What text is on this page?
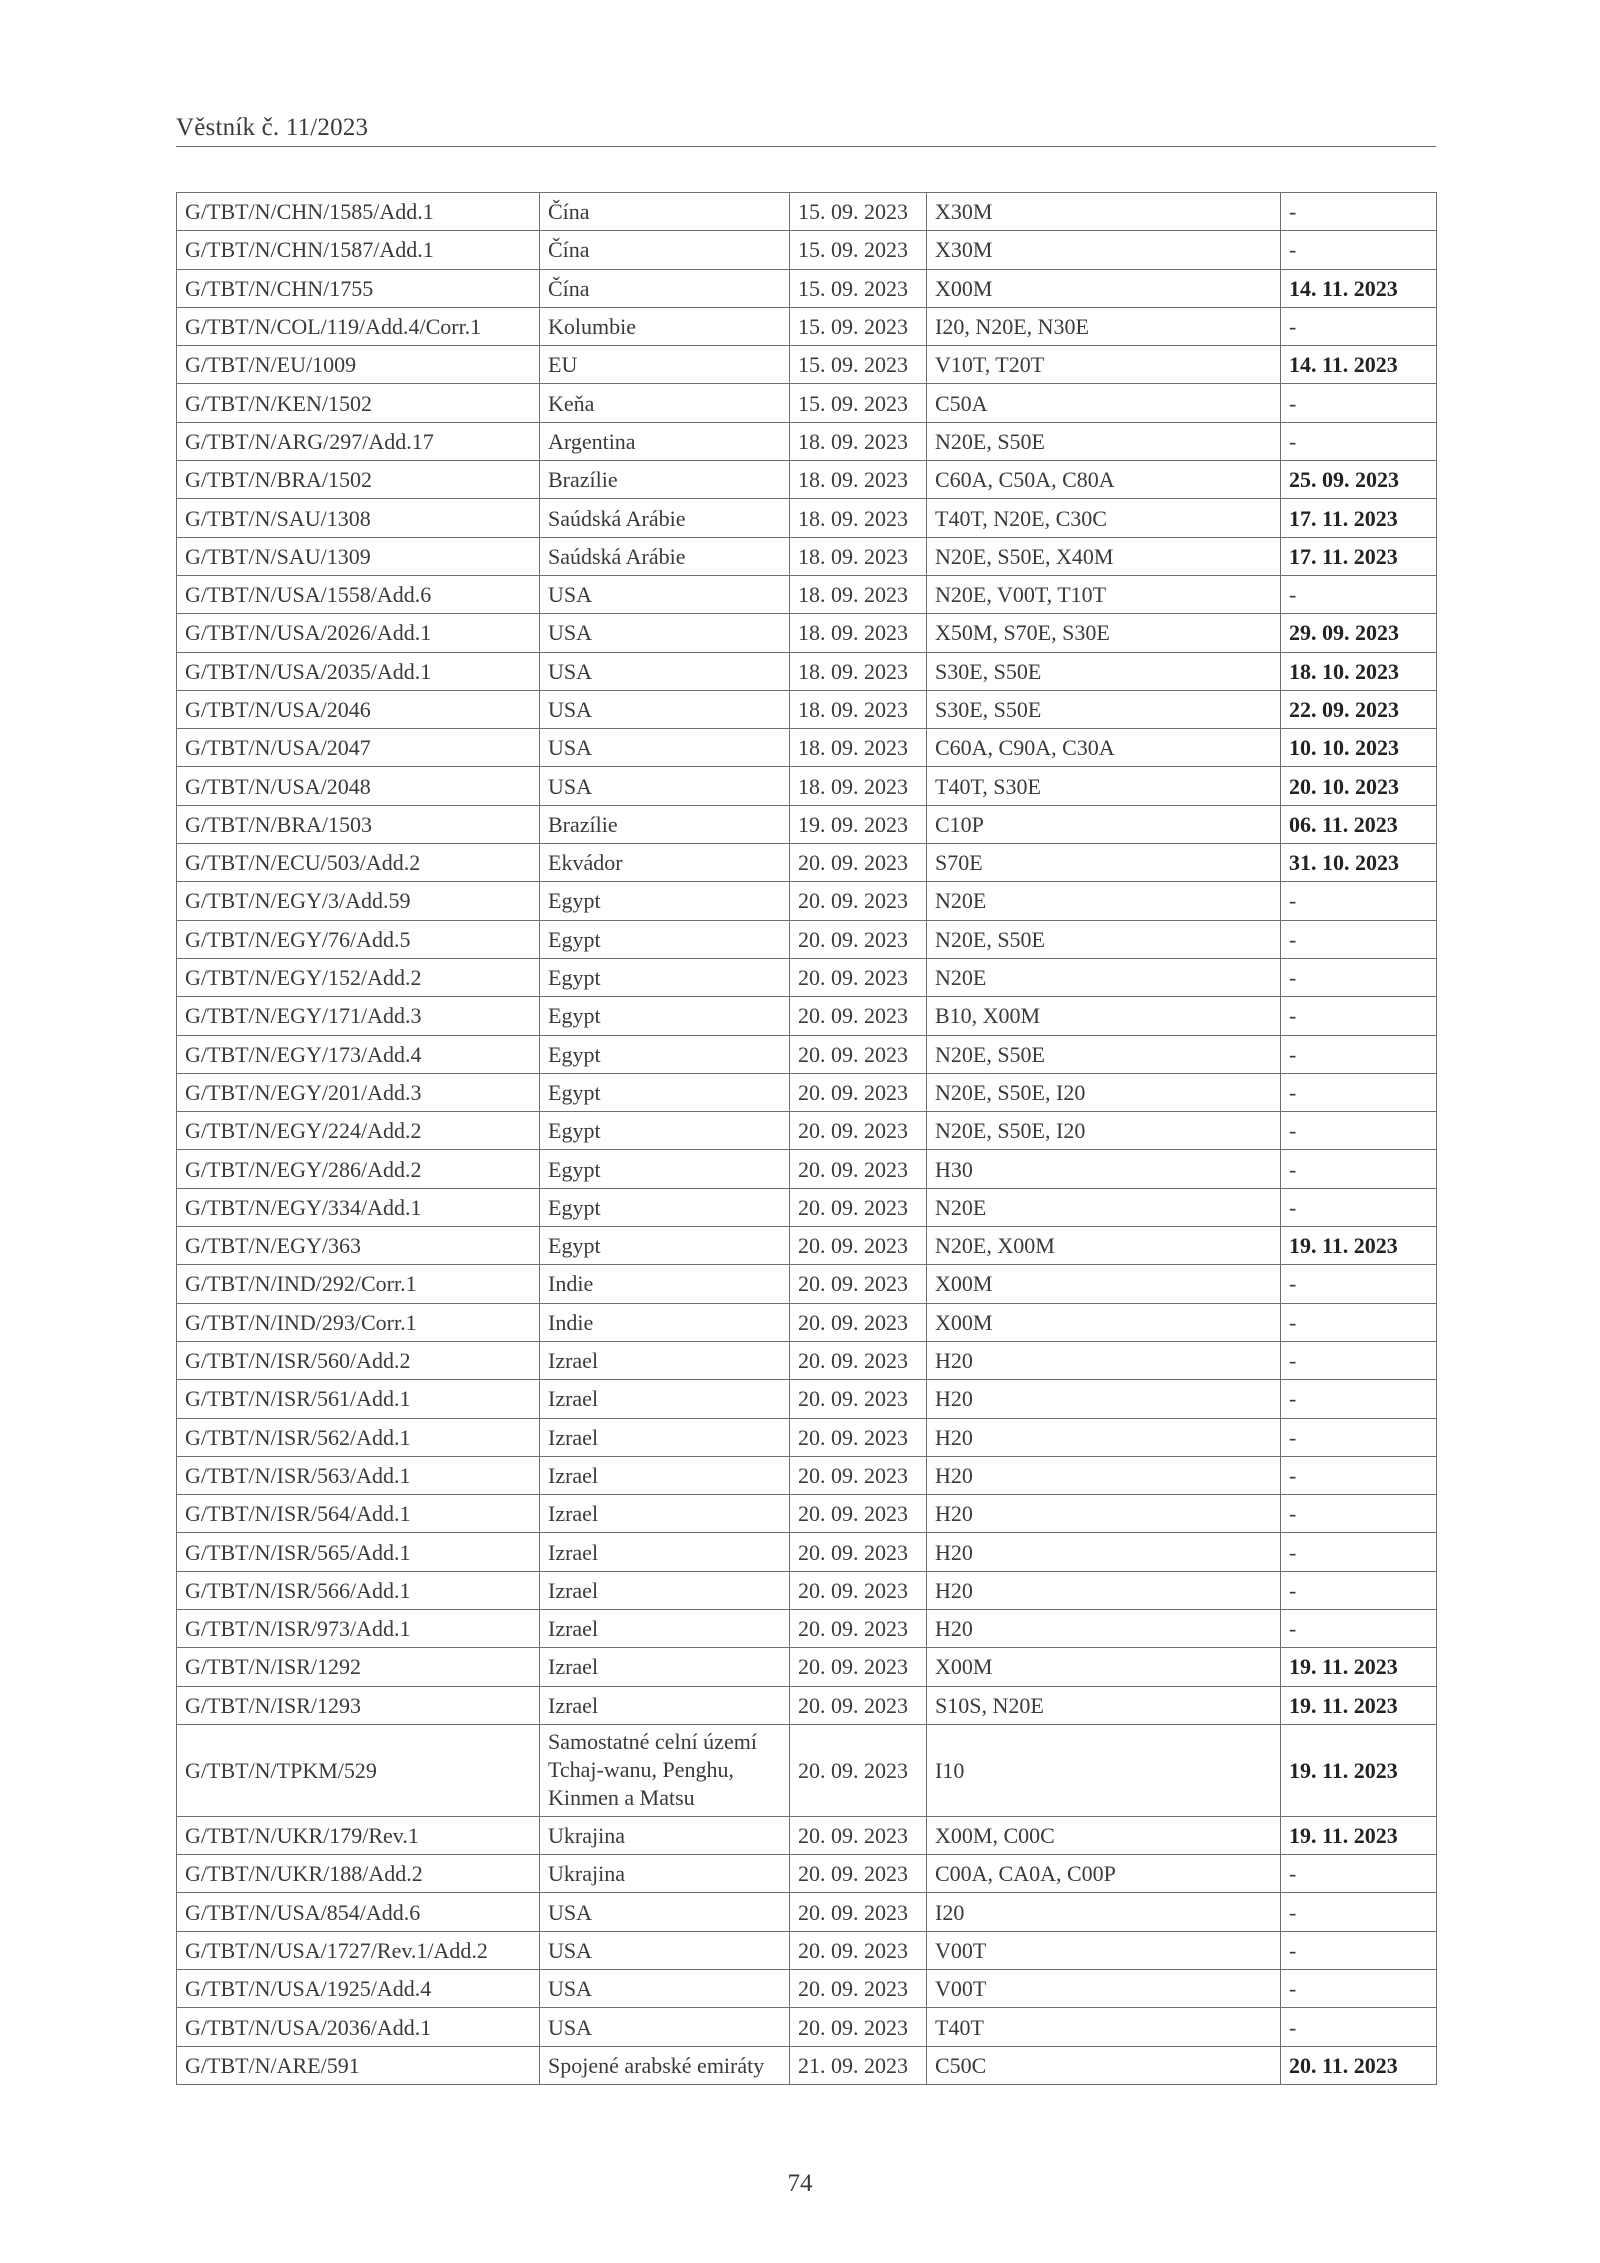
Věstník č. 11/2023
G/TBT/N/CHN/1585/Add.1	Čína	15. 09. 2023	X30M	-
G/TBT/N/CHN/1587/Add.1	Čína	15. 09. 2023	X30M	-
G/TBT/N/CHN/1755	Čína	15. 09. 2023	X00M	14. 11. 2023
G/TBT/N/COL/119/Add.4/Corr.1	Kolumbie	15. 09. 2023	I20, N20E, N30E	-
G/TBT/N/EU/1009	EU	15. 09. 2023	V10T, T20T	14. 11. 2023
G/TBT/N/KEN/1502	Keňa	15. 09. 2023	C50A	-
G/TBT/N/ARG/297/Add.17	Argentina	18. 09. 2023	N20E, S50E	-
G/TBT/N/BRA/1502	Brazílie	18. 09. 2023	C60A, C50A, C80A	25. 09. 2023
G/TBT/N/SAU/1308	Saúdská Arábie	18. 09. 2023	T40T, N20E, C30C	17. 11. 2023
G/TBT/N/SAU/1309	Saúdská Arábie	18. 09. 2023	N20E, S50E, X40M	17. 11. 2023
G/TBT/N/USA/1558/Add.6	USA	18. 09. 2023	N20E, V00T, T10T	-
G/TBT/N/USA/2026/Add.1	USA	18. 09. 2023	X50M, S70E, S30E	29. 09. 2023
G/TBT/N/USA/2035/Add.1	USA	18. 09. 2023	S30E, S50E	18. 10. 2023
G/TBT/N/USA/2046	USA	18. 09. 2023	S30E, S50E	22. 09. 2023
G/TBT/N/USA/2047	USA	18. 09. 2023	C60A, C90A, C30A	10. 10. 2023
G/TBT/N/USA/2048	USA	18. 09. 2023	T40T, S30E	20. 10. 2023
G/TBT/N/BRA/1503	Brazílie	19. 09. 2023	C10P	06. 11. 2023
G/TBT/N/ECU/503/Add.2	Ekvádor	20. 09. 2023	S70E	31. 10. 2023
G/TBT/N/EGY/3/Add.59	Egypt	20. 09. 2023	N20E	-
G/TBT/N/EGY/76/Add.5	Egypt	20. 09. 2023	N20E, S50E	-
G/TBT/N/EGY/152/Add.2	Egypt	20. 09. 2023	N20E	-
G/TBT/N/EGY/171/Add.3	Egypt	20. 09. 2023	B10, X00M	-
G/TBT/N/EGY/173/Add.4	Egypt	20. 09. 2023	N20E, S50E	-
G/TBT/N/EGY/201/Add.3	Egypt	20. 09. 2023	N20E, S50E, I20	-
G/TBT/N/EGY/224/Add.2	Egypt	20. 09. 2023	N20E, S50E, I20	-
G/TBT/N/EGY/286/Add.2	Egypt	20. 09. 2023	H30	-
G/TBT/N/EGY/334/Add.1	Egypt	20. 09. 2023	N20E	-
G/TBT/N/EGY/363	Egypt	20. 09. 2023	N20E, X00M	19. 11. 2023
G/TBT/N/IND/292/Corr.1	Indie	20. 09. 2023	X00M	-
G/TBT/N/IND/293/Corr.1	Indie	20. 09. 2023	X00M	-
G/TBT/N/ISR/560/Add.2	Izrael	20. 09. 2023	H20	-
G/TBT/N/ISR/561/Add.1	Izrael	20. 09. 2023	H20	-
G/TBT/N/ISR/562/Add.1	Izrael	20. 09. 2023	H20	-
G/TBT/N/ISR/563/Add.1	Izrael	20. 09. 2023	H20	-
G/TBT/N/ISR/564/Add.1	Izrael	20. 09. 2023	H20	-
G/TBT/N/ISR/565/Add.1	Izrael	20. 09. 2023	H20	-
G/TBT/N/ISR/566/Add.1	Izrael	20. 09. 2023	H20	-
G/TBT/N/ISR/973/Add.1	Izrael	20. 09. 2023	H20	-
G/TBT/N/ISR/1292	Izrael	20. 09. 2023	X00M	19. 11. 2023
G/TBT/N/ISR/1293	Izrael	20. 09. 2023	S10S, N20E	19. 11. 2023
G/TBT/N/TPKM/529	Samostatné celní území Tchaj-wanu, Penghu, Kinmen a Matsu	20. 09. 2023	I10	19. 11. 2023
G/TBT/N/UKR/179/Rev.1	Ukrajina	20. 09. 2023	X00M, C00C	19. 11. 2023
G/TBT/N/UKR/188/Add.2	Ukrajina	20. 09. 2023	C00A, CA0A, C00P	-
G/TBT/N/USA/854/Add.6	USA	20. 09. 2023	I20	-
G/TBT/N/USA/1727/Rev.1/Add.2	USA	20. 09. 2023	V00T	-
G/TBT/N/USA/1925/Add.4	USA	20. 09. 2023	V00T	-
G/TBT/N/USA/2036/Add.1	USA	20. 09. 2023	T40T	-
G/TBT/N/ARE/591	Spojené arabské emiráty	21. 09. 2023	C50C	20. 11. 2023
74
